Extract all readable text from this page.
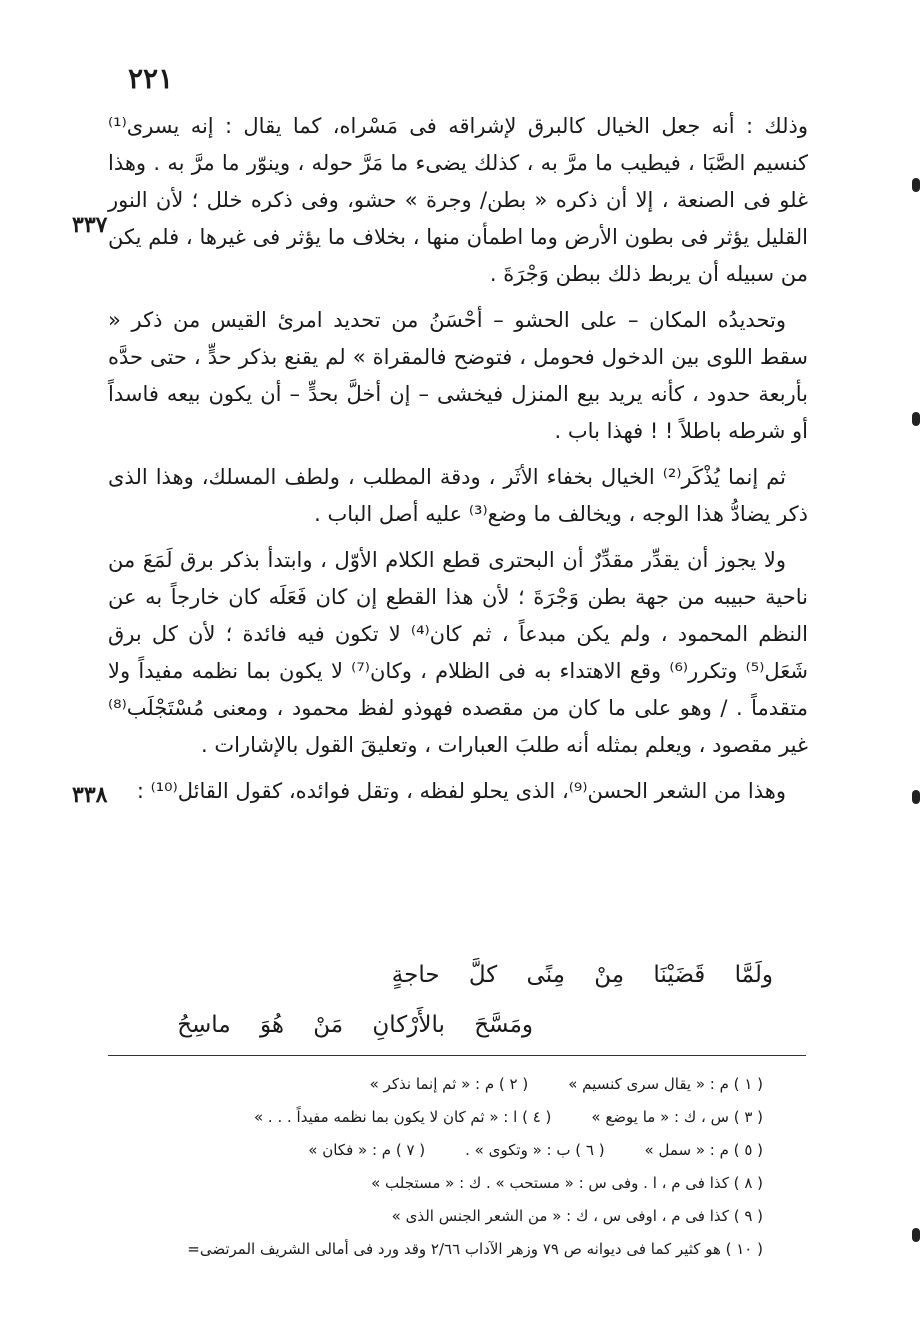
٢٢١
٣٣٧
٣٣٨

وذلك : أنه جعل الخيال كالبرق لإشراقه فى مَسْراه، كما يقال : إنه يسرى⁽¹⁾ كنسيم الصَّبَا ، فيطيب ما مرَّ به ، كذلك يضىء ما مَرَّ حوله ، وينوّر ما مرَّ به . وهذا غلو فى الصنعة ، إلا أن ذكره « بطن/ وجرة » حشو، وفى ذكره خلل ؛ لأن النور القليل يؤثر فى بطون الأرض وما اطمأن منها ، بخلاف ما يؤثر فى غيرها ، فلم يكن من سبيله أن يربط ذلك ببطن وَجْرَةَ .

وتحديدُه المكان – على الحشو – أحْسَنُ من تحديد امرئ القيس من ذكر « سقط اللوى بين الدخول فحومل ، فتوضح فالمقراة » لم يقنع بذكر حدٍّ ، حتى حدَّه بأربعة حدود ، كأنه يريد بيع المنزل فيخشى – إن أخلَّ بحدٍّ – أن يكون بيعه فاسداً أو شرطه باطلاً ! ! فهذا باب .

ثم إنما يُذْكَر⁽²⁾ الخيال بخفاء الأثَر ، ودقة المطلب ، ولطف المسلك، وهذا الذى ذكر يضادُّ هذا الوجه ، ويخالف ما وضع⁽³⁾ عليه أصل الباب .

ولا يجوز أن يقدِّر مقدِّرٌ أن البحترى قطع الكلام الأوّل ، وابتدأ بذكر برق لَمَعَ من ناحية حبيبه من جهة بطن وَجْرَةَ ؛ لأن هذا القطع إن كان فَعَلَه كان خارجاً به عن النظم المحمود ، ولم يكن مبدعاً ، ثم كان⁽⁴⁾ لا تكون فيه فائدة ؛ لأن كل برق شَعَل⁽⁵⁾ وتكرر⁽⁶⁾ وقع الاهتداء به فى الظلام ، وكان⁽⁷⁾ لا يكون بما نظمه مفيداً ولا متقدماً . / وهو على ما كان من مقصده فهوذو لفظ محمود ، ومعنى مُسْتَجْلَب⁽⁸⁾ غير مقصود ، ويعلم بمثله أنه طلبَ العبارات ، وتعليقَ القول بالإشارات .

وهذا من الشعر الحسن⁽⁹⁾، الذى يحلو لفظه ، وتقل فوائده، كقول القائل⁽¹⁰⁾ :

ولَمَّا قَضَيْنَا مِنْ مِنًى كلَّ حاجةٍ
ومَسَّحَ بالأَرْكانِ مَنْ هُوَ ماسِحُ
( ١ ) م : « يقال سرى كنسيم »
( ٢ ) م : « ثم إنما نذكر »
( ٣ ) س ، ك : « ما يوضع »
( ٤ ) ا : « ثم كان لا يكون بما نظمه مفيداً . . . »
( ٥ ) م : « سمل »
( ٦ ) ب : « وتكوى » .
( ٧ ) م : « فكان »
( ٨ ) كذا فى م ، ا . وفى س : « مستحب » . ك : « مستجلب »
( ٩ ) كذا فى م ، اوفى س ، ك : « من الشعر الجنس الذى »
( ١٠ ) هو كثير كما فى ديوانه ص ٧٩ وزهر الآداب ٢/٦٦ وقد ورد فى أمالى الشريف المرتضى=
